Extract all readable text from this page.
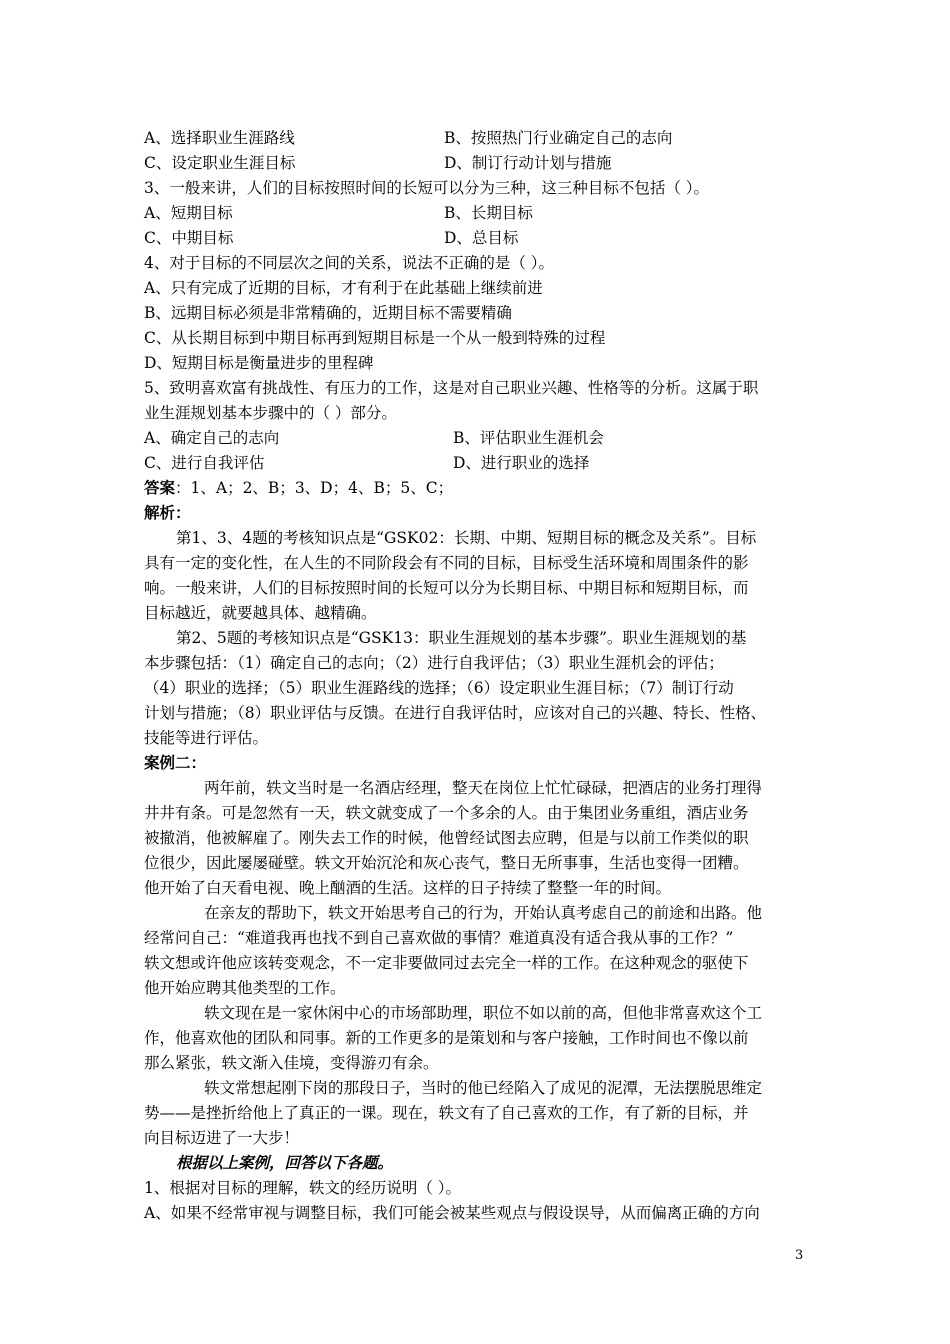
A、选择职业生涯路线	B、按照热门行业确定自己的志向
C、设定职业生涯目标	D、制订行动计划与措施
3、一般来讲，人们的目标按照时间的长短可以分为三种，这三种目标不包括（ ）。
A、短期目标	B、长期目标
C、中期目标	D、总目标
4、对于目标的不同层次之间的关系，说法不正确的是（ ）。
A、只有完成了近期的目标，才有利于在此基础上继续前进
B、远期目标必须是非常精确的，近期目标不需要精确
C、从长期目标到中期目标再到短期目标是一个从一般到特殊的过程
D、短期目标是衡量进步的里程碑
5、致明喜欢富有挑战性、有压力的工作，这是对自己职业兴趣、性格等的分析。这属于职
业生涯规划基本步骤中的（ ）部分。
A、确定自己的志向	B、评估职业生涯机会
C、进行自我评估	D、进行职业的选择
答案：1、A；2、B；3、D；4、B；5、C；
解析：
第1、3、4题的考核知识点是“GSK02：长期、中期、短期目标的概念及关系”。目标
具有一定的变化性，在人生的不同阶段会有不同的目标，目标受生活环境和周围条件的影
响。一般来讲，人们的目标按照时间的长短可以分为长期目标、中期目标和短期目标，而
目标越近，就要越具体、越精确。
第2、5题的考核知识点是“GSK13：职业生涯规划的基本步骤”。职业生涯规划的基
本步骤包括：（1）确定自己的志向；（2）进行自我评估；（3）职业生涯机会的评估；
（4）职业的选择；（5）职业生涯路线的选择；（6）设定职业生涯目标；（7）制订行动
计划与措施；（8）职业评估与反馈。在进行自我评估时，应该对自己的兴趣、特长、性格、
技能等进行评估。
案例二：
两年前，轶文当时是一名酒店经理，整天在岗位上忙忙碌碌，把酒店的业务打理得
井井有条。可是忽然有一天，轶文就变成了一个多余的人。由于集团业务重组，酒店业务
被撤消，他被解雇了。刚失去工作的时候，他曾经试图去应聘，但是与以前工作类似的职
位很少，因此屡屡碰壁。轶文开始沉沦和灰心丧气，整日无所事事，生活也变得一团糟。
他开始了白天看电视、晚上酗酒的生活。这样的日子持续了整整一年的时间。
在亲友的帮助下，轶文开始思考自己的行为，开始认真考虑自己的前途和出路。他
经常问自己：“难道我再也找不到自己喜欢做的事情？难道真没有适合我从事的工作？”
轶文想或许他应该转变观念，不一定非要做同过去完全一样的工作。在这种观念的驱使下
他开始应聘其他类型的工作。
轶文现在是一家休闲中心的市场部助理，职位不如以前的高，但他非常喜欢这个工
作，他喜欢他的团队和同事。新的工作更多的是策划和与客户接触，工作时间也不像以前
那么紧张，轶文渐入佳境，变得游刃有余。
轶文常想起刚下岗的那段日子，当时的他已经陷入了成见的泥潭，无法摆脱思维定
势——是挫折给他上了真正的一课。现在，轶文有了自己喜欢的工作，有了新的目标，并
向目标迈进了一大步！
根据以上案例，回答以下各题。
1、根据对目标的理解，轶文的经历说明（ ）。
A、如果不经常审视与调整目标，我们可能会被某些观点与假设误导，从而偏离正确的方向
3
